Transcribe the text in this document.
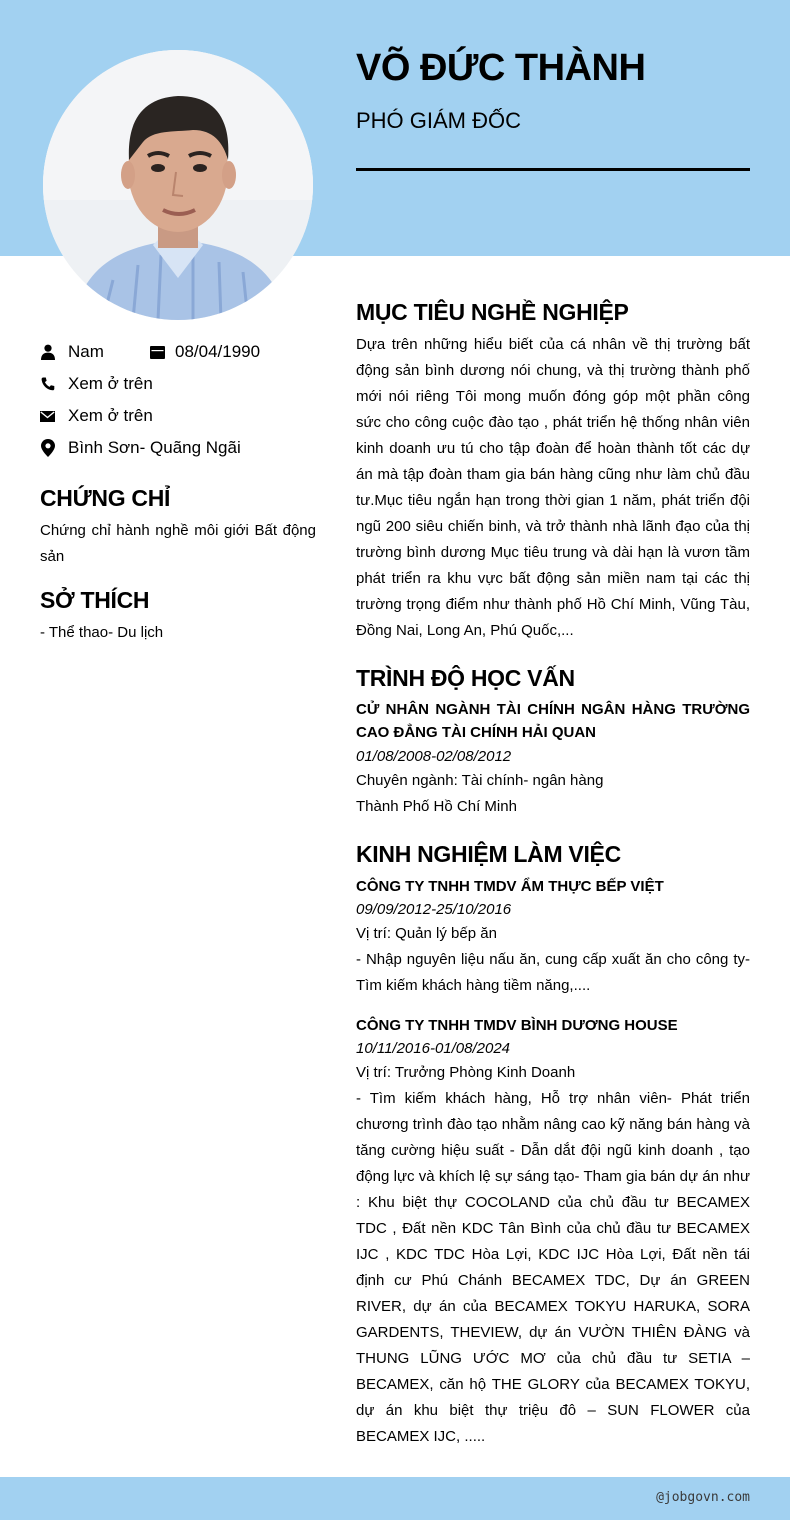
VÕ ĐỨC THÀNH
PHÓ GIÁM ĐỐC
Nam	08/04/1990
Xem ở trên
Xem ở trên
Bình Sơn- Quãng Ngãi
CHỨNG CHỈ
Chứng chỉ hành nghề môi giới Bất động sản
SỞ THÍCH
- Thể thao- Du lịch
MỤC TIÊU NGHỀ NGHIỆP
Dựa trên những hiểu biết của cá nhân về thị trường bất động sản bình dương nói chung, và thị trường thành phố mới nói riêng Tôi mong muốn đóng góp một phần công sức cho công cuộc đào tạo , phát triển hệ thống nhân viên kinh doanh ưu tú cho tập đoàn để hoàn thành tốt các dự án mà tập đoàn tham gia bán hàng cũng như làm chủ đầu tư.Mục tiêu ngắn hạn trong thời gian 1 năm, phát triển đội ngũ 200 siêu chiến binh, và trở thành nhà lãnh đạo của thị trường bình dương Mục tiêu trung và dài hạn là vươn tầm phát triển ra khu vực bất động sản miền nam tại các thị trường trọng điểm như thành phố Hồ Chí Minh, Vũng Tàu, Đồng Nai, Long An, Phú Quốc,...
TRÌNH ĐỘ HỌC VẤN
CỬ NHÂN NGÀNH TÀI CHÍNH NGÂN HÀNG TRƯỜNG CAO ĐẲNG TÀI CHÍNH HẢI QUAN
01/08/2008-02/08/2012
Chuyên ngành: Tài chính- ngân hàng
Thành Phố Hồ Chí Minh
KINH NGHIỆM LÀM VIỆC
CÔNG TY TNHH TMDV ẨM THỰC BẾP VIỆT
09/09/2012-25/10/2016
Vị trí: Quản lý bếp ăn
- Nhập nguyên liệu nấu ăn, cung cấp xuất ăn cho công ty- Tìm kiếm khách hàng tiềm năng,....
CÔNG TY TNHH TMDV BÌNH DƯƠNG HOUSE
10/11/2016-01/08/2024
Vị trí: Trưởng Phòng Kinh Doanh
- Tìm kiếm khách hàng, Hỗ trợ nhân viên- Phát triển chương trình đào tạo nhằm nâng cao kỹ năng bán hàng và tăng cường hiệu suất - Dẫn dắt đội ngũ kinh doanh , tạo động lực và khích lệ sự sáng tạo- Tham gia bán dự án như : Khu biệt thự COCOLAND của chủ đầu tư BECAMEX TDC , Đất nền KDC Tân Bình của chủ đầu tư BECAMEX IJC , KDC TDC Hòa Lợi, KDC IJC Hòa Lợi, Đất nền tái định cư Phú Chánh BECAMEX TDC, Dự án GREEN RIVER, dự án của BECAMEX TOKYU HARUKA, SORA GARDENTS, THEVIEW, dự án VƯỜN THIÊN ĐÀNG và THUNG LŨNG ƯỚC MƠ của chủ đầu tư SETIA – BECAMEX, căn hộ THE GLORY của BECAMEX TOKYU, dự án khu biệt thự triệu đô – SUN FLOWER của BECAMEX IJC, .....
@jobgovn.com
